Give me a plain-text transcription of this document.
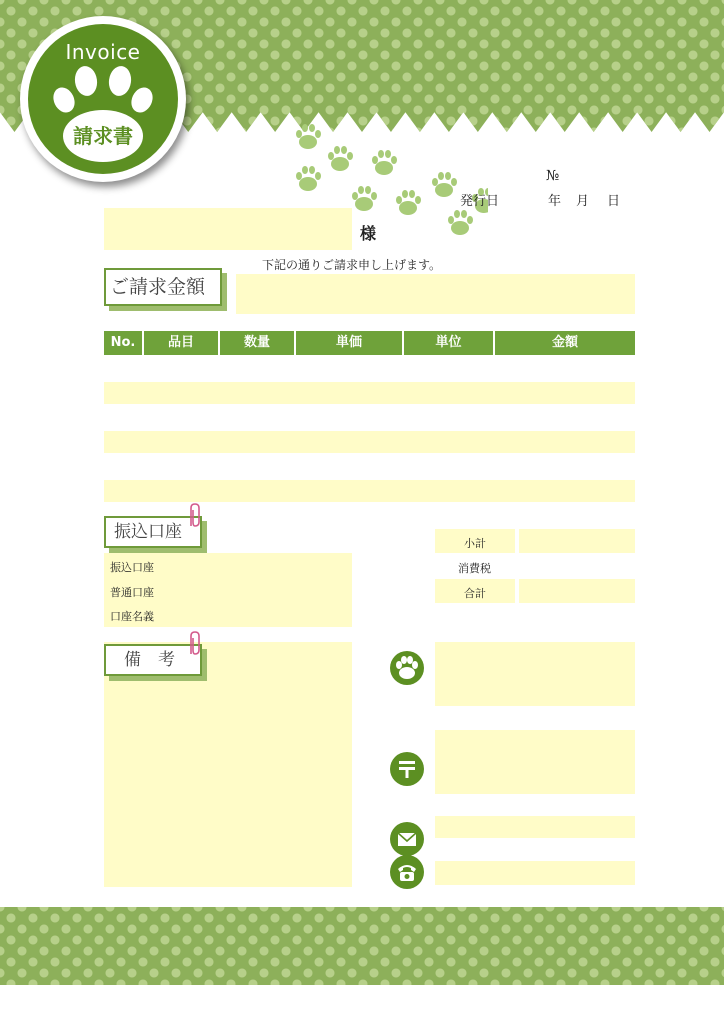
Invoice
請求書
№
発行日	年 月 日
様
下記の通りご請求申し上げます。
ご請求金額
No.	品目	数量	単価	単位	金額
振込口座
振込口座
普通口座
口座名義
小計
消費税
合計
備　考
